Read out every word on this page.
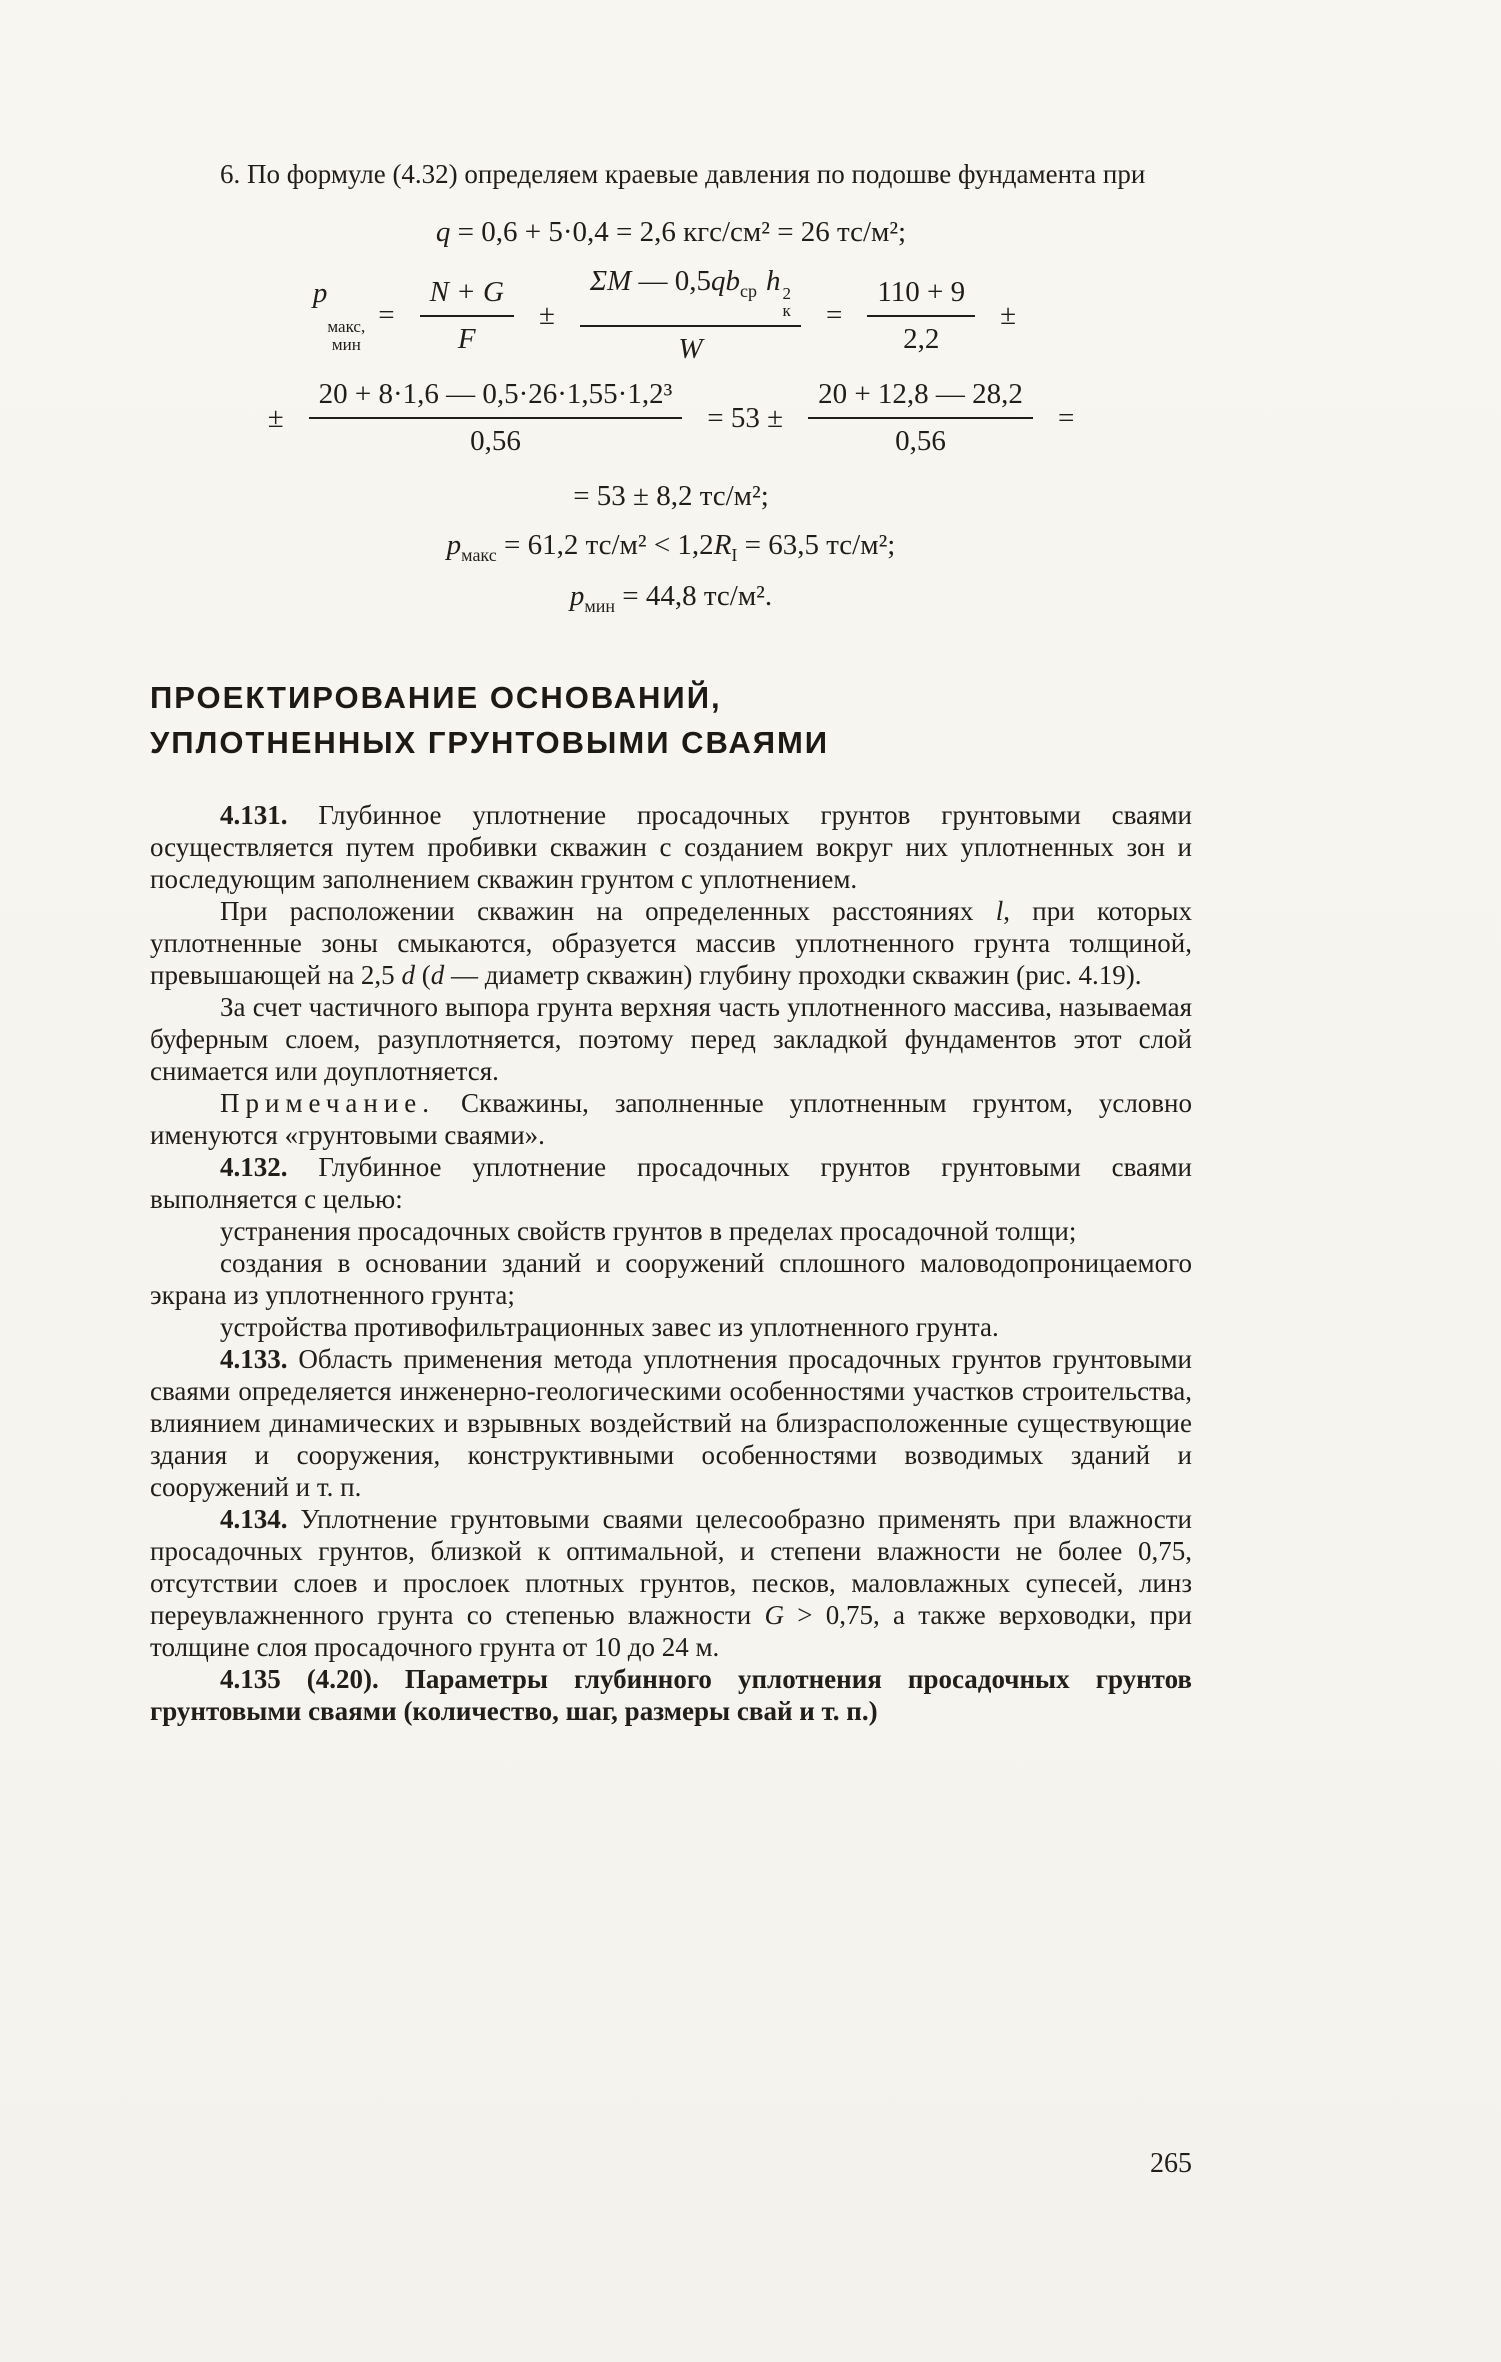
6. По формуле (4.32) определяем краевые давления по подошве фундамента при

q = 0,6 + 5·0,4 = 2,6 кгс/см² = 26 тс/м²;
p
макс,
мин
= $\frac{N + G}{F} \pm \Sigma M$ — $0,5qb_{ср}$ h 2
к
$W = \frac{110 + 9}{2,2}$ ±
± $\frac{\text{20 + 8·1,6 — 0,5·26·1,55·1,2³}}{0,56} = 53 \pm \frac{20 + 12,8 — 28,2}{0,56}$ =
= 53 ± 8,2 тс/м²;
$p_{макс} = 61,2$ $тс/м^2 < 1,2R_I = 63,5$ тс/м²;
$p_{мин} = 44,8$ тс/м².
ПРОЕКТИРОВАНИЕ ОСНОВАНИЙ,
УПЛОТНЕННЫХ ГРУНТОВЫМИ СВАЯМИ

4.131. Глубинное уплотнение просадочных грунтов грунтовыми сваями осуществляется путем пробивки скважин с созданием вокруг них уплотненных зон и последующим заполнением скважин грунтом с уплотнением.

При расположении скважин на определенных расстояниях l, при которых уплотненные зоны смыкаются, образуется массив уплотненного грунта толщиной, превышающей на 2,5 d (d — диаметр скважин) глубину проходки скважин (рис. 4.19).

За счет частичного выпора грунта верхняя часть уплотненного массива, называемая буферным слоем, разуплотняется, поэтому перед закладкой фундаментов этот слой снимается или доуплотняется.

Примечание. Скважины, заполненные уплотненным грунтом, условно именуются «грунтовыми сваями».

4.132. Глубинное уплотнение просадочных грунтов грунтовыми сваями выполняется с целью:

устранения просадочных свойств грунтов в пределах просадочной толщи;

создания в основании зданий и сооружений сплошного маловодопроницаемого экрана из уплотненного грунта;

устройства противофильтрационных завес из уплотненного грунта.

4.133. Область применения метода уплотнения просадочных грунтов грунтовыми сваями определяется инженерно-геологическими особенностями участков строительства, влиянием динамических и взрывных воздействий на близрасположенные существующие здания и сооружения, конструктивными особенностями возводимых зданий и сооружений и т. п.

4.134. Уплотнение грунтовыми сваями целесообразно применять при влажности просадочных грунтов, близкой к оптимальной, и степени влажности не более 0,75, отсутствии слоев и прослоек плотных грунтов, песков, маловлажных супесей, линз переувлажненного грунта со степенью влажности G > 0,75, а также верховодки, при толщине слоя просадочного грунта от 10 до 24 м.

4.135 (4.20). Параметры глубинного уплотнения просадочных грунтов грунтовыми сваями (количество, шаг, размеры свай и т. п.)

265
